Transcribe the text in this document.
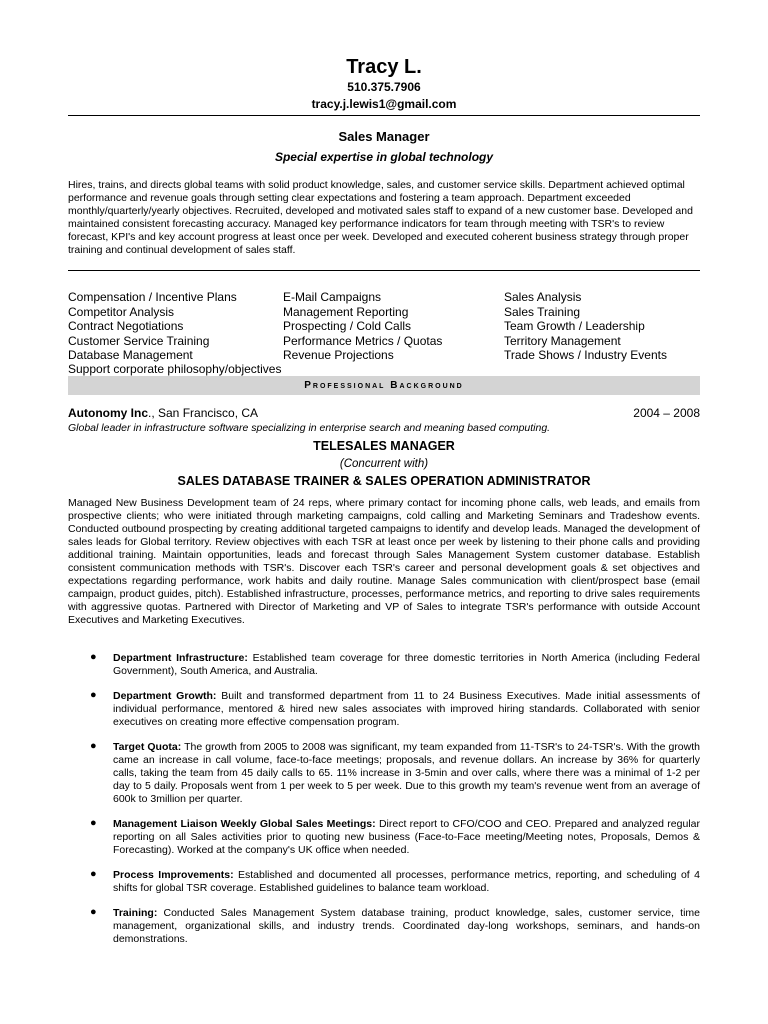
Tracy L.
510.375.7906
tracy.j.lewis1@gmail.com
Sales Manager
Special expertise in global technology
Hires, trains, and directs global teams with solid product knowledge, sales, and customer service skills. Department achieved optimal performance and revenue goals through setting clear expectations and fostering a team approach. Department exceeded monthly/quarterly/yearly objectives. Recruited, developed and motivated sales staff to expand of a new customer base. Developed and maintained consistent forecasting accuracy. Managed key performance indicators for team through meeting with TSR's to review forecast, KPI's and key account progress at least once per week. Developed and executed coherent business strategy through proper training and continual development of sales staff.
Compensation / Incentive Plans
Competitor Analysis
Contract Negotiations
Customer Service Training
Database Management
E-Mail Campaigns
Management Reporting
Prospecting / Cold Calls
Performance Metrics / Quotas
Revenue Projections
Sales Analysis
Sales Training
Team Growth / Leadership
Territory Management
Trade Shows / Industry Events
Support corporate philosophy/objectives
Professional Background
Autonomy Inc., San Francisco, CA	2004 – 2008
Global leader in infrastructure software specializing in enterprise search and meaning based computing.
TELESALES MANAGER
(Concurrent with)
SALES DATABASE TRAINER & SALES OPERATION ADMINISTRATOR
Managed New Business Development team of 24 reps, where primary contact for incoming phone calls, web leads, and emails from prospective clients; who were initiated through marketing campaigns, cold calling and Marketing Seminars and Tradeshow events. Conducted outbound prospecting by creating additional targeted campaigns to identify and develop leads. Managed the development of sales leads for Global territory. Review objectives with each TSR at least once per week by listening to their phone calls and providing additional training. Maintain opportunities, leads and forecast through Sales Management System customer database. Establish consistent communication methods with TSR's. Discover each TSR's career and personal development goals & set objectives and expectations regarding performance, work habits and daily routine. Manage Sales communication with client/prospect base (email campaign, product guides, pitch). Established infrastructure, processes, performance metrics, and reporting to drive sales requirements with aggressive quotas. Partnered with Director of Marketing and VP of Sales to integrate TSR's performance with outside Account Executives and Marketing Executives.
● Department Infrastructure: Established team coverage for three domestic territories in North America (including Federal Government), South America, and Australia.
● Department Growth: Built and transformed department from 11 to 24 Business Executives. Made initial assessments of individual performance, mentored & hired new sales associates with improved hiring standards. Collaborated with senior executives on creating more effective compensation program.
● Target Quota: The growth from 2005 to 2008 was significant, my team expanded from 11-TSR's to 24-TSR's. With the growth came an increase in call volume, face-to-face meetings; proposals, and revenue dollars. An increase by 36% for quarterly calls, taking the team from 45 daily calls to 65. 11% increase in 3-5min and over calls, where there was a minimal of 1-2 per day to 5 daily. Proposals went from 1 per week to 5 per week. Due to this growth my team's revenue went from an average of 600k to 3million per quarter.
● Management Liaison Weekly Global Sales Meetings: Direct report to CFO/COO and CEO. Prepared and analyzed regular reporting on all Sales activities prior to quoting new business (Face-to-Face meeting/Meeting notes, Proposals, Demos & Forecasting). Worked at the company's UK office when needed.
● Process Improvements: Established and documented all processes, performance metrics, reporting, and scheduling of 4 shifts for global TSR coverage. Established guidelines to balance team workload.
● Training: Conducted Sales Management System database training, product knowledge, sales, customer service, time management, organizational skills, and industry trends. Coordinated day-long workshops, seminars, and hands-on demonstrations.
